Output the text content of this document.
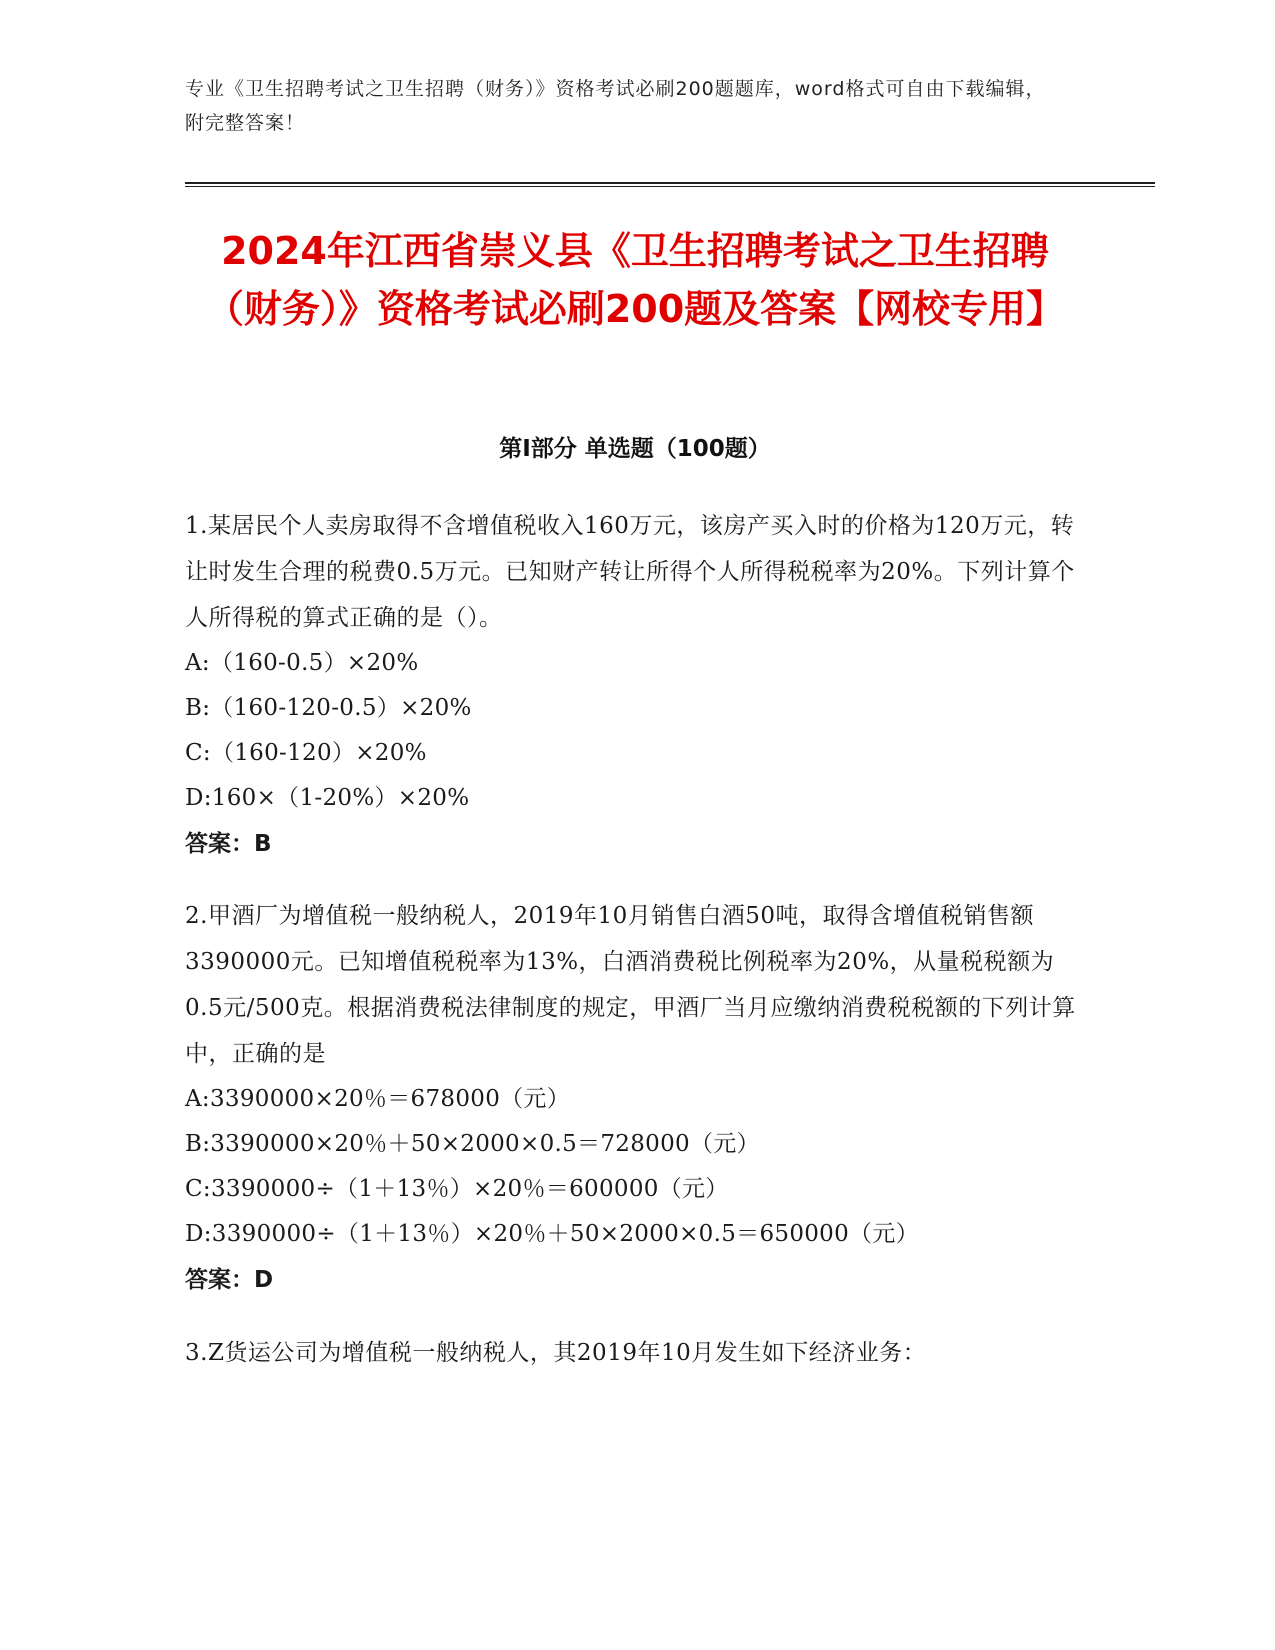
专业《卫生招聘考试之卫生招聘（财务）》资格考试必刷200题题库，word格式可自由下载编辑，附完整答案！
2024年江西省崇义县《卫生招聘考试之卫生招聘（财务）》资格考试必刷200题及答案【网校专用】
第Ⅰ部分 单选题（100题）
1.某居民个人卖房取得不含增值税收入160万元，该房产买入时的价格为120万元，转让时发生合理的税费0.5万元。已知财产转让所得个人所得税税率为20%。下列计算个人所得税的算式正确的是（）。
A:（160-0.5）×20%
B:（160-120-0.5）×20%
C:（160-120）×20%
D:160×（1-20%）×20%
答案：B
2.甲酒厂为增值税一般纳税人，2019年10月销售白酒50吨，取得含增值税销售额3390000元。已知增值税税率为13%，白酒消费税比例税率为20%，从量税税额为0.5元/500克。根据消费税法律制度的规定，甲酒厂当月应缴纳消费税税额的下列计算中，正确的是
A:3390000×20％＝678000（元）
B:3390000×20％＋50×2000×0.5＝728000（元）
C:3390000÷（1＋13％）×20％＝600000（元）
D:3390000÷（1＋13％）×20％＋50×2000×0.5＝650000（元）
答案：D
3.Z货运公司为增值税一般纳税人，其2019年10月发生如下经济业务：
